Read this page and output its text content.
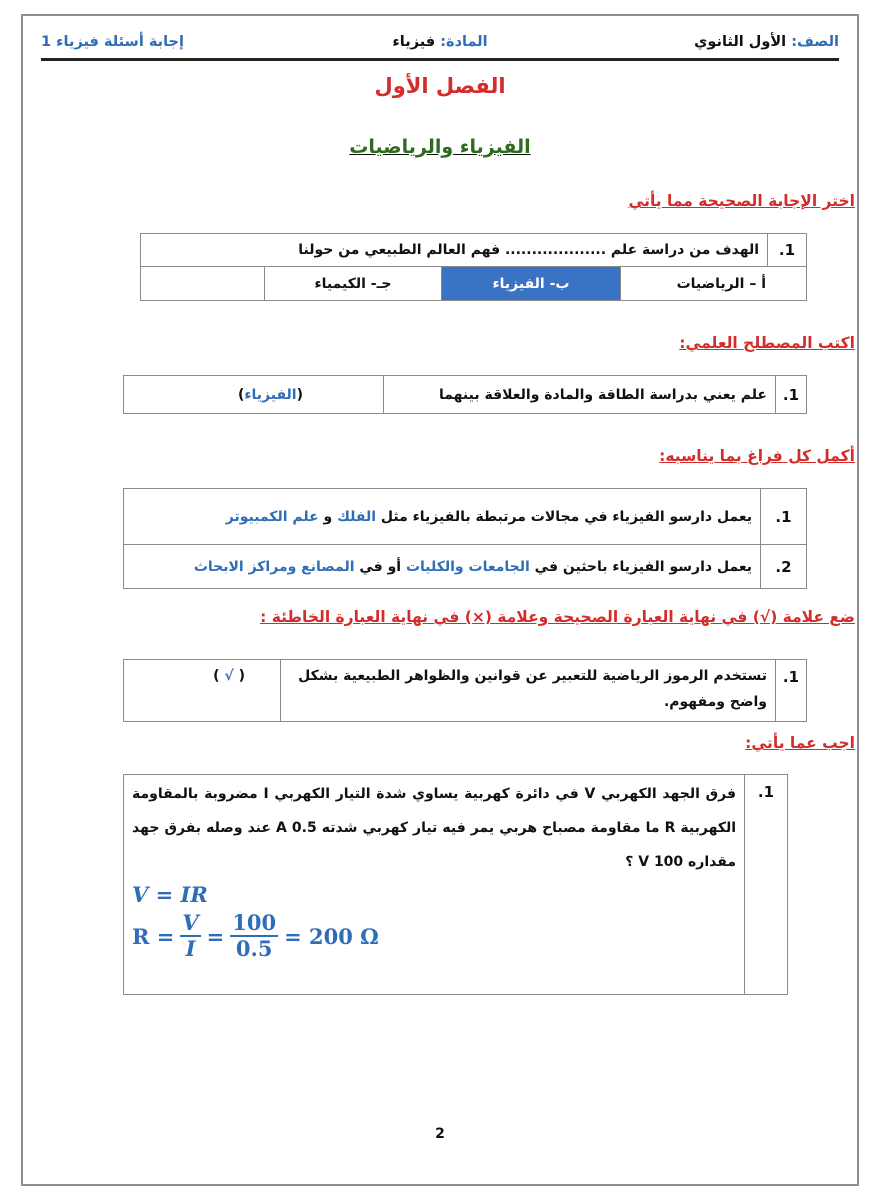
الصف: الأول الثانوي
المادة: فيزياء
إجابة أسئلة فيزياء 1
الفصل الأول
الفيزياء والرياضيات
اختر الإجابة الصحيحة مما يأتي
1.	الهدف من دراسة علم ................... فهم العالم الطبيعي من حولنا			
أ – الرياضيات		ب- الفيزياء	جـ- الكيمياء	
اكتب المصطلح العلمي:
1.	علم يعني بدراسة الطاقة والمادة والعلاقة بينهما	(الفيزياء)
أكمل كل فراغ بما يناسبه:
1.	يعمل دارسو الفيزياء في مجالات مرتبطة بالفيزياء مثل الفلك و علم الكمبيوتر
2.	يعمل دارسو الفيزياء باحثين في الجامعات والكليات أو في المصانع ومراكز الابحاث
ضع علامة (√) في نهاية العبارة الصحيحة وعلامة (×) في نهاية العبارة الخاطئة :
1.	تستخدم الرموز الرياضية للتعبير عن قوانين والظواهر الطبيعية بشكل واضح ومفهوم.	( √ )
اجب عما يأتي:
1.	
فرق الجهد الكهربي V في دائرة كهربية يساوي شدة التيار الكهربي I مضروبة بالمقاومة الكهربية R ما مقاومة مصباح هربي يمر فيه تيار كهربي شدته 0.5 A عند وصله بفرق جهد مقداره 100 V ؟
V = IR
$R = \frac{V}{I} = \frac{100}{0.5} = 200$ Ω
2
